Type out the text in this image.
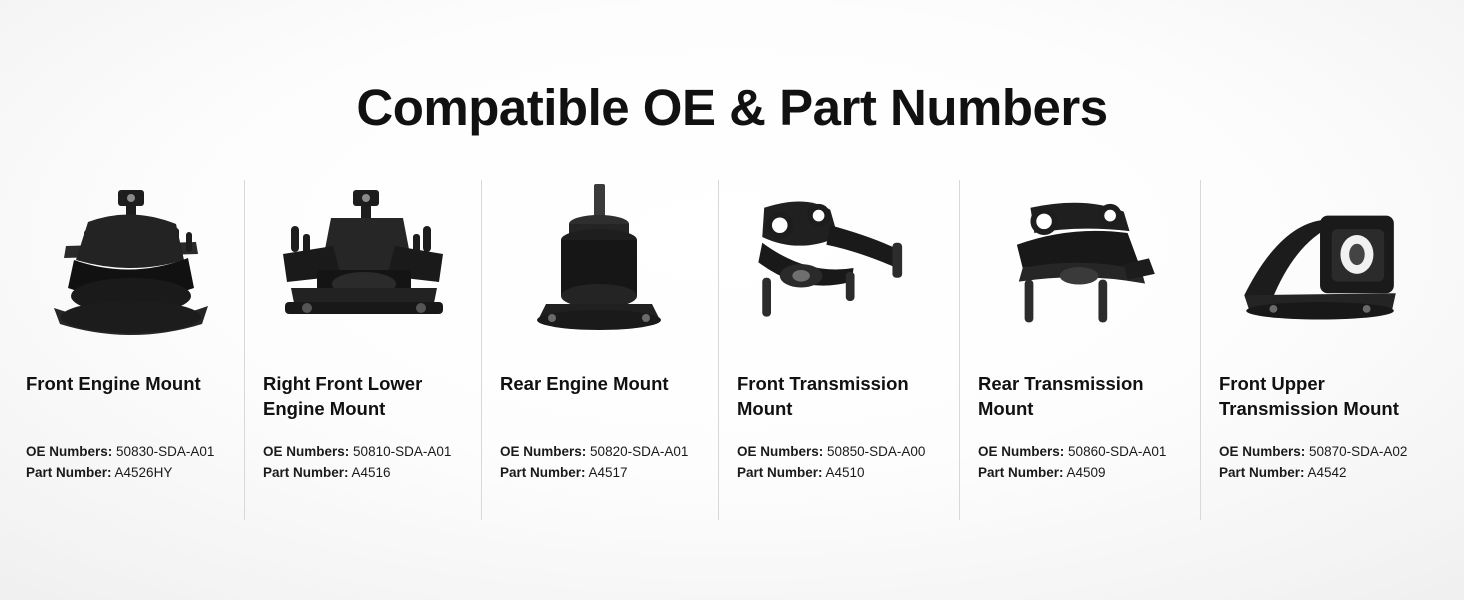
Compatible OE & Part Numbers
Front Engine Mount
OE Numbers: 50830-SDA-A01
Part Number: A4526HY
Right Front Lower Engine Mount
OE Numbers: 50810-SDA-A01
Part Number: A4516
Rear Engine Mount
OE Numbers: 50820-SDA-A01
Part Number: A4517
Front Transmission Mount
OE Numbers: 50850-SDA-A00
Part Number: A4510
Rear Transmission Mount
OE Numbers: 50860-SDA-A01
Part Number: A4509
Front Upper Transmission Mount
OE Numbers: 50870-SDA-A02
Part Number: A4542
